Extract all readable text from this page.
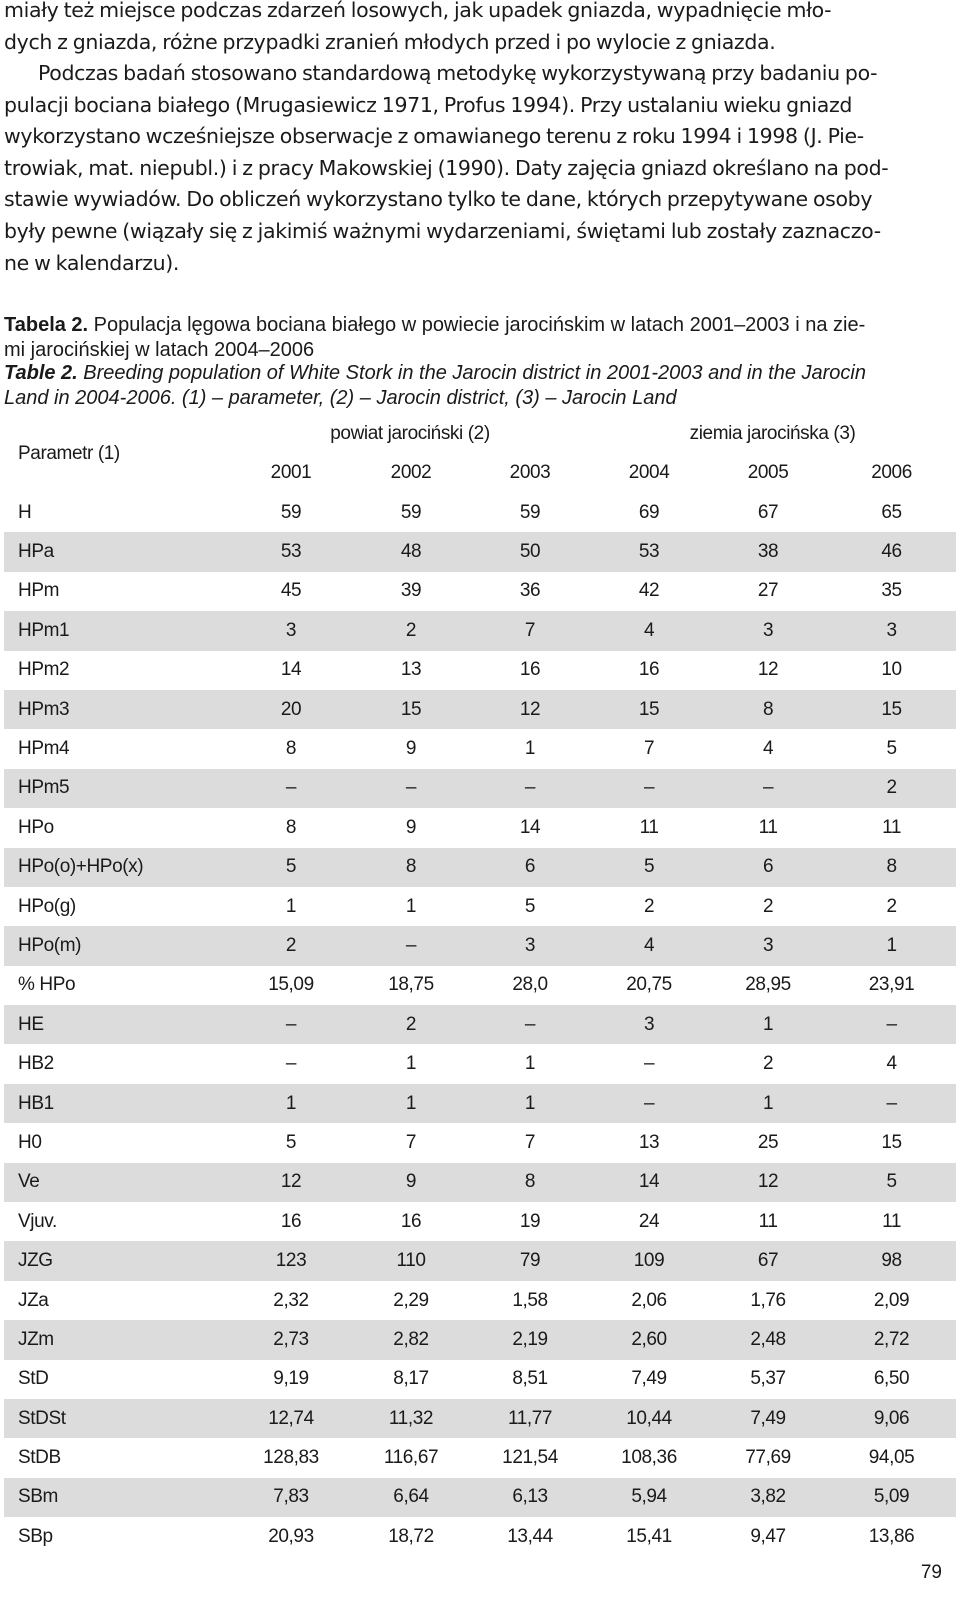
miały też miejsce podczas zdarzeń losowych, jak upadek gniazda, wypadnięcie mło-
dych z gniazda, różne przypadki zranień młodych przed i po wylocie z gniazda.
Podczas badań stosowano standardową metodykę wykorzystywaną przy badaniu po-
pulacji bociana białego (Mrugasiewicz 1971, Profus 1994). Przy ustalaniu wieku gniazd
wykorzystano wcześniejsze obserwacje z omawianego terenu z roku 1994 i 1998 (J. Pie-
trowiak, mat. niepubl.) i z pracy Makowskiej (1990). Daty zajęcia gniazd określano na pod-
stawie wywiadów. Do obliczeń wykorzystano tylko te dane, których przepytywane osoby
były pewne (wiązały się z jakimiś ważnymi wydarzeniami, świętami lub zostały zaznaczo-
ne w kalendarzu).
Tabela 2. Populacja lęgowa bociana białego w powiecie jarocińskim w latach 2001–2003 i na zie-
mi jarocińskiej w latach 2004–2006
Table 2. Breeding population of White Stork in the Jarocin district in 2001-2003 and in the Jarocin
Land in 2004-2006. (1) – parameter, (2) – Jarocin district, (3) – Jarocin Land
Parametr (1)	powiat jarociński (2)			ziemia jarocińska (3)		
	2001	2002	2003	2004	2005	2006
H	59	59	59	69	67	65
HPa	53	48	50	53	38	46
HPm	45	39	36	42	27	35
HPm1	3	2	7	4	3	3
HPm2	14	13	16	16	12	10
HPm3	20	15	12	15	8	15
HPm4	8	9	1	7	4	5
HPm5	–	–	–	–	–	2
HPo	8	9	14	11	11	11
HPo(o)+HPo(x)	5	8	6	5	6	8
HPo(g)	1	1	5	2	2	2
HPo(m)	2	–	3	4	3	1
% HPo	15,09	18,75	28,0	20,75	28,95	23,91
HE	–	2	–	3	1	–
HB2	–	1	1	–	2	4
HB1	1	1	1	–	1	–
H0	5	7	7	13	25	15
Ve	12	9	8	14	12	5
Vjuv.	16	16	19	24	11	11
JZG	123	110	79	109	67	98
JZa	2,32	2,29	1,58	2,06	1,76	2,09
JZm	2,73	2,82	2,19	2,60	2,48	2,72
StD	9,19	8,17	8,51	7,49	5,37	6,50
StDSt	12,74	11,32	11,77	10,44	7,49	9,06
StDB	128,83	116,67	121,54	108,36	77,69	94,05
SBm	7,83	6,64	6,13	5,94	3,82	5,09
SBp	20,93	18,72	13,44	15,41	9,47	13,86
79
